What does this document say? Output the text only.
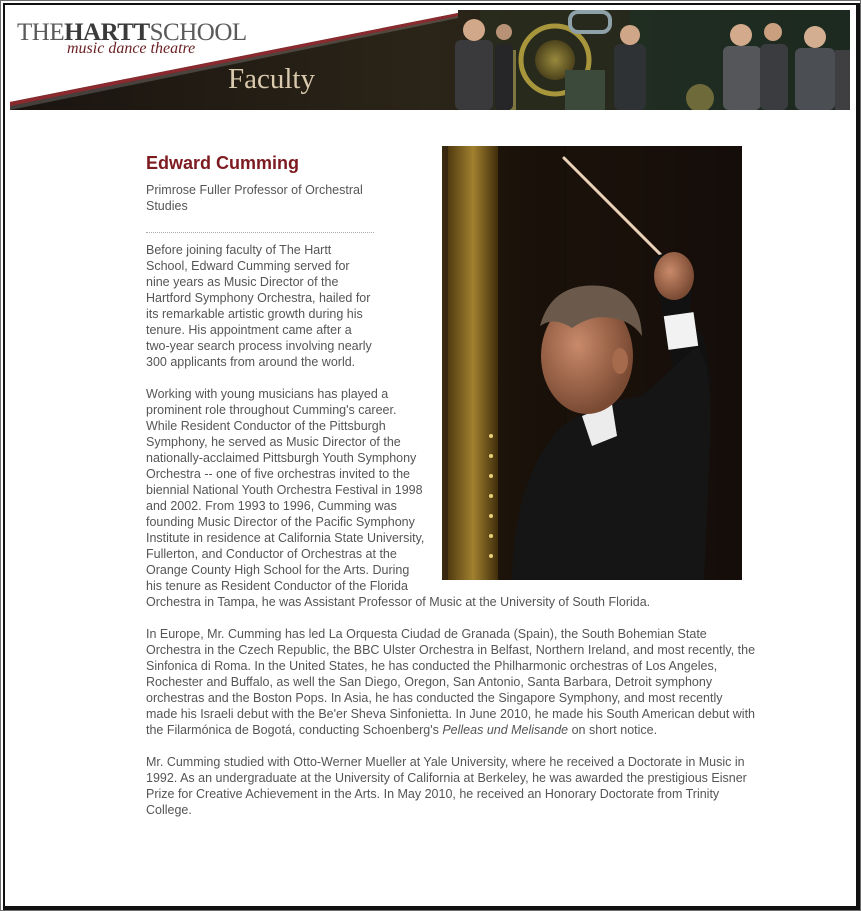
THEHARTTSCHOOL
music dance theatre
Faculty
Edward Cumming
Primrose Fuller Professor of Orchestral Studies

Before joining faculty of The Hartt School, Edward Cumming served for nine years as Music Director of the Hartford Symphony Orchestra, hailed for its remarkable artistic growth during his tenure. His appointment came after a two-year search process involving nearly 300 applicants from around the world.

Working with young musicians has played a prominent role throughout Cumming's career. While Resident Conductor of the Pittsburgh Symphony, he served as Music Director of the nationally-acclaimed Pittsburgh Youth Symphony Orchestra -- one of five orchestras invited to the biennial National Youth Orchestra Festival in 1998 and 2002. From 1993 to 1996, Cumming was founding Music Director of the Pacific Symphony Institute in residence at California State University, Fullerton, and Conductor of Orchestras at the Orange County High School for the Arts. During his tenure as Resident Conductor of the Florida Orchestra in Tampa, he was Assistant Professor of Music at the University of South Florida.

In Europe, Mr. Cumming has led La Orquesta Ciudad de Granada (Spain), the South Bohemian State Orchestra in the Czech Republic, the BBC Ulster Orchestra in Belfast, Northern Ireland, and most recently, the Sinfonica di Roma. In the United States, he has conducted the Philharmonic orchestras of Los Angeles, Rochester and Buffalo, as well the San Diego, Oregon, San Antonio, Santa Barbara, Detroit symphony orchestras and the Boston Pops. In Asia, he has conducted the Singapore Symphony, and most recently made his Israeli debut with the Be'er Sheva Sinfonietta. In June 2010, he made his South American debut with the Filarmónica de Bogotá, conducting Schoenberg's Pelleas und Melisande on short notice.

Mr. Cumming studied with Otto-Werner Mueller at Yale University, where he received a Doctorate in Music in 1992. As an undergraduate at the University of California at Berkeley, he was awarded the prestigious Eisner Prize for Creative Achievement in the Arts. In May 2010, he received an Honorary Doctorate from Trinity College.
